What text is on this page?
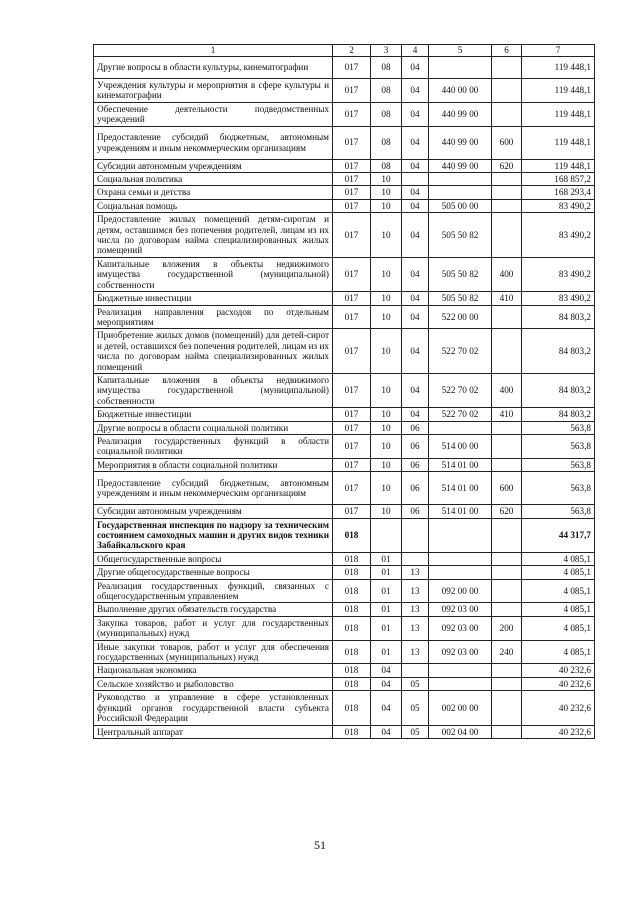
1	2	3	4	5	6	7
Другие вопросы в области культуры, кинематографии	017	08	04			119 448,1
Учреждения культуры и мероприятия в сфере культуры и кинематографии	017	08	04	440 00 00		119 448,1
Обеспечение деятельности подведомственных учреждений	017	08	04	440 99 00		119 448,1
Предоставление субсидий бюджетным, автономным учреждениям и иным некоммерческим организациям	017	08	04	440 99 00	600	119 448,1
Субсидии автономным учреждениям	017	08	04	440 99 00	620	119 448,1
Социальная политика	017	10				168 857,2
Охрана семьи и детства	017	10	04			168 293,4
Социальная помощь	017	10	04	505 00 00		83 490,2
Предоставление жилых помещений детям-сиротам и детям, оставшимся без попечения родителей, лицам из их числа по договорам найма специализированных жилых помещений	017	10	04	505 50 82		83 490,2
Капитальные вложения в объекты недвижимого имущества государственной (муниципальной) собственности	017	10	04	505 50 82	400	83 490,2
Бюджетные инвестиции	017	10	04	505 50 82	410	83 490,2
Реализация направления расходов по отдельным мероприятиям	017	10	04	522 00 00		84 803,2
Приобретение жилых домов (помещений) для детей-сирот и детей, оставшихся без попечения родителей, лицам из их числа по договорам найма специализированных жилых помещений	017	10	04	522 70 02		84 803,2
Капитальные вложения в объекты недвижимого имущества государственной (муниципальной) собственности	017	10	04	522 70 02	400	84 803,2
Бюджетные инвестиции	017	10	04	522 70 02	410	84 803,2
Другие вопросы в области социальной политики	017	10	06			563,8
Реализация государственных функций в области социальной политики	017	10	06	514 00 00		563,8
Мероприятия в области социальной политики	017	10	06	514 01 00		563,8
Предоставление субсидий бюджетным, автономным учреждениям и иным некоммерческим организациям	017	10	06	514 01 00	600	563,8
Субсидии автономным учреждениям	017	10	06	514 01 00	620	563,8
Государственная инспекция по надзору за техническим состоянием самоходных машин и других видов техники Забайкальского края	018					44 317,7
Общегосударственные вопросы	018	01				4 085,1
Другие общегосударственные вопросы	018	01	13			4 085,1
Реализация государственных функций, связанных с общегосударственным управлением	018	01	13	092 00 00		4 085,1
Выполнение других обязательств государства	018	01	13	092 03 00		4 085,1
Закупка товаров, работ и услуг для государственных (муниципальных) нужд	018	01	13	092 03 00	200	4 085,1
Иные закупки товаров, работ и услуг для обеспечения государственных (муниципальных) нужд	018	01	13	092 03 00	240	4 085,1
Национальная экономика	018	04				40 232,6
Сельское хозяйство и рыболовство	018	04	05			40 232,6
Руководство и управление в сфере установленных функций органов государственной власти субъекта Российской Федерации	018	04	05	002 00 00		40 232,6
Центральный аппарат	018	04	05	002 04 00		40 232,6
51
